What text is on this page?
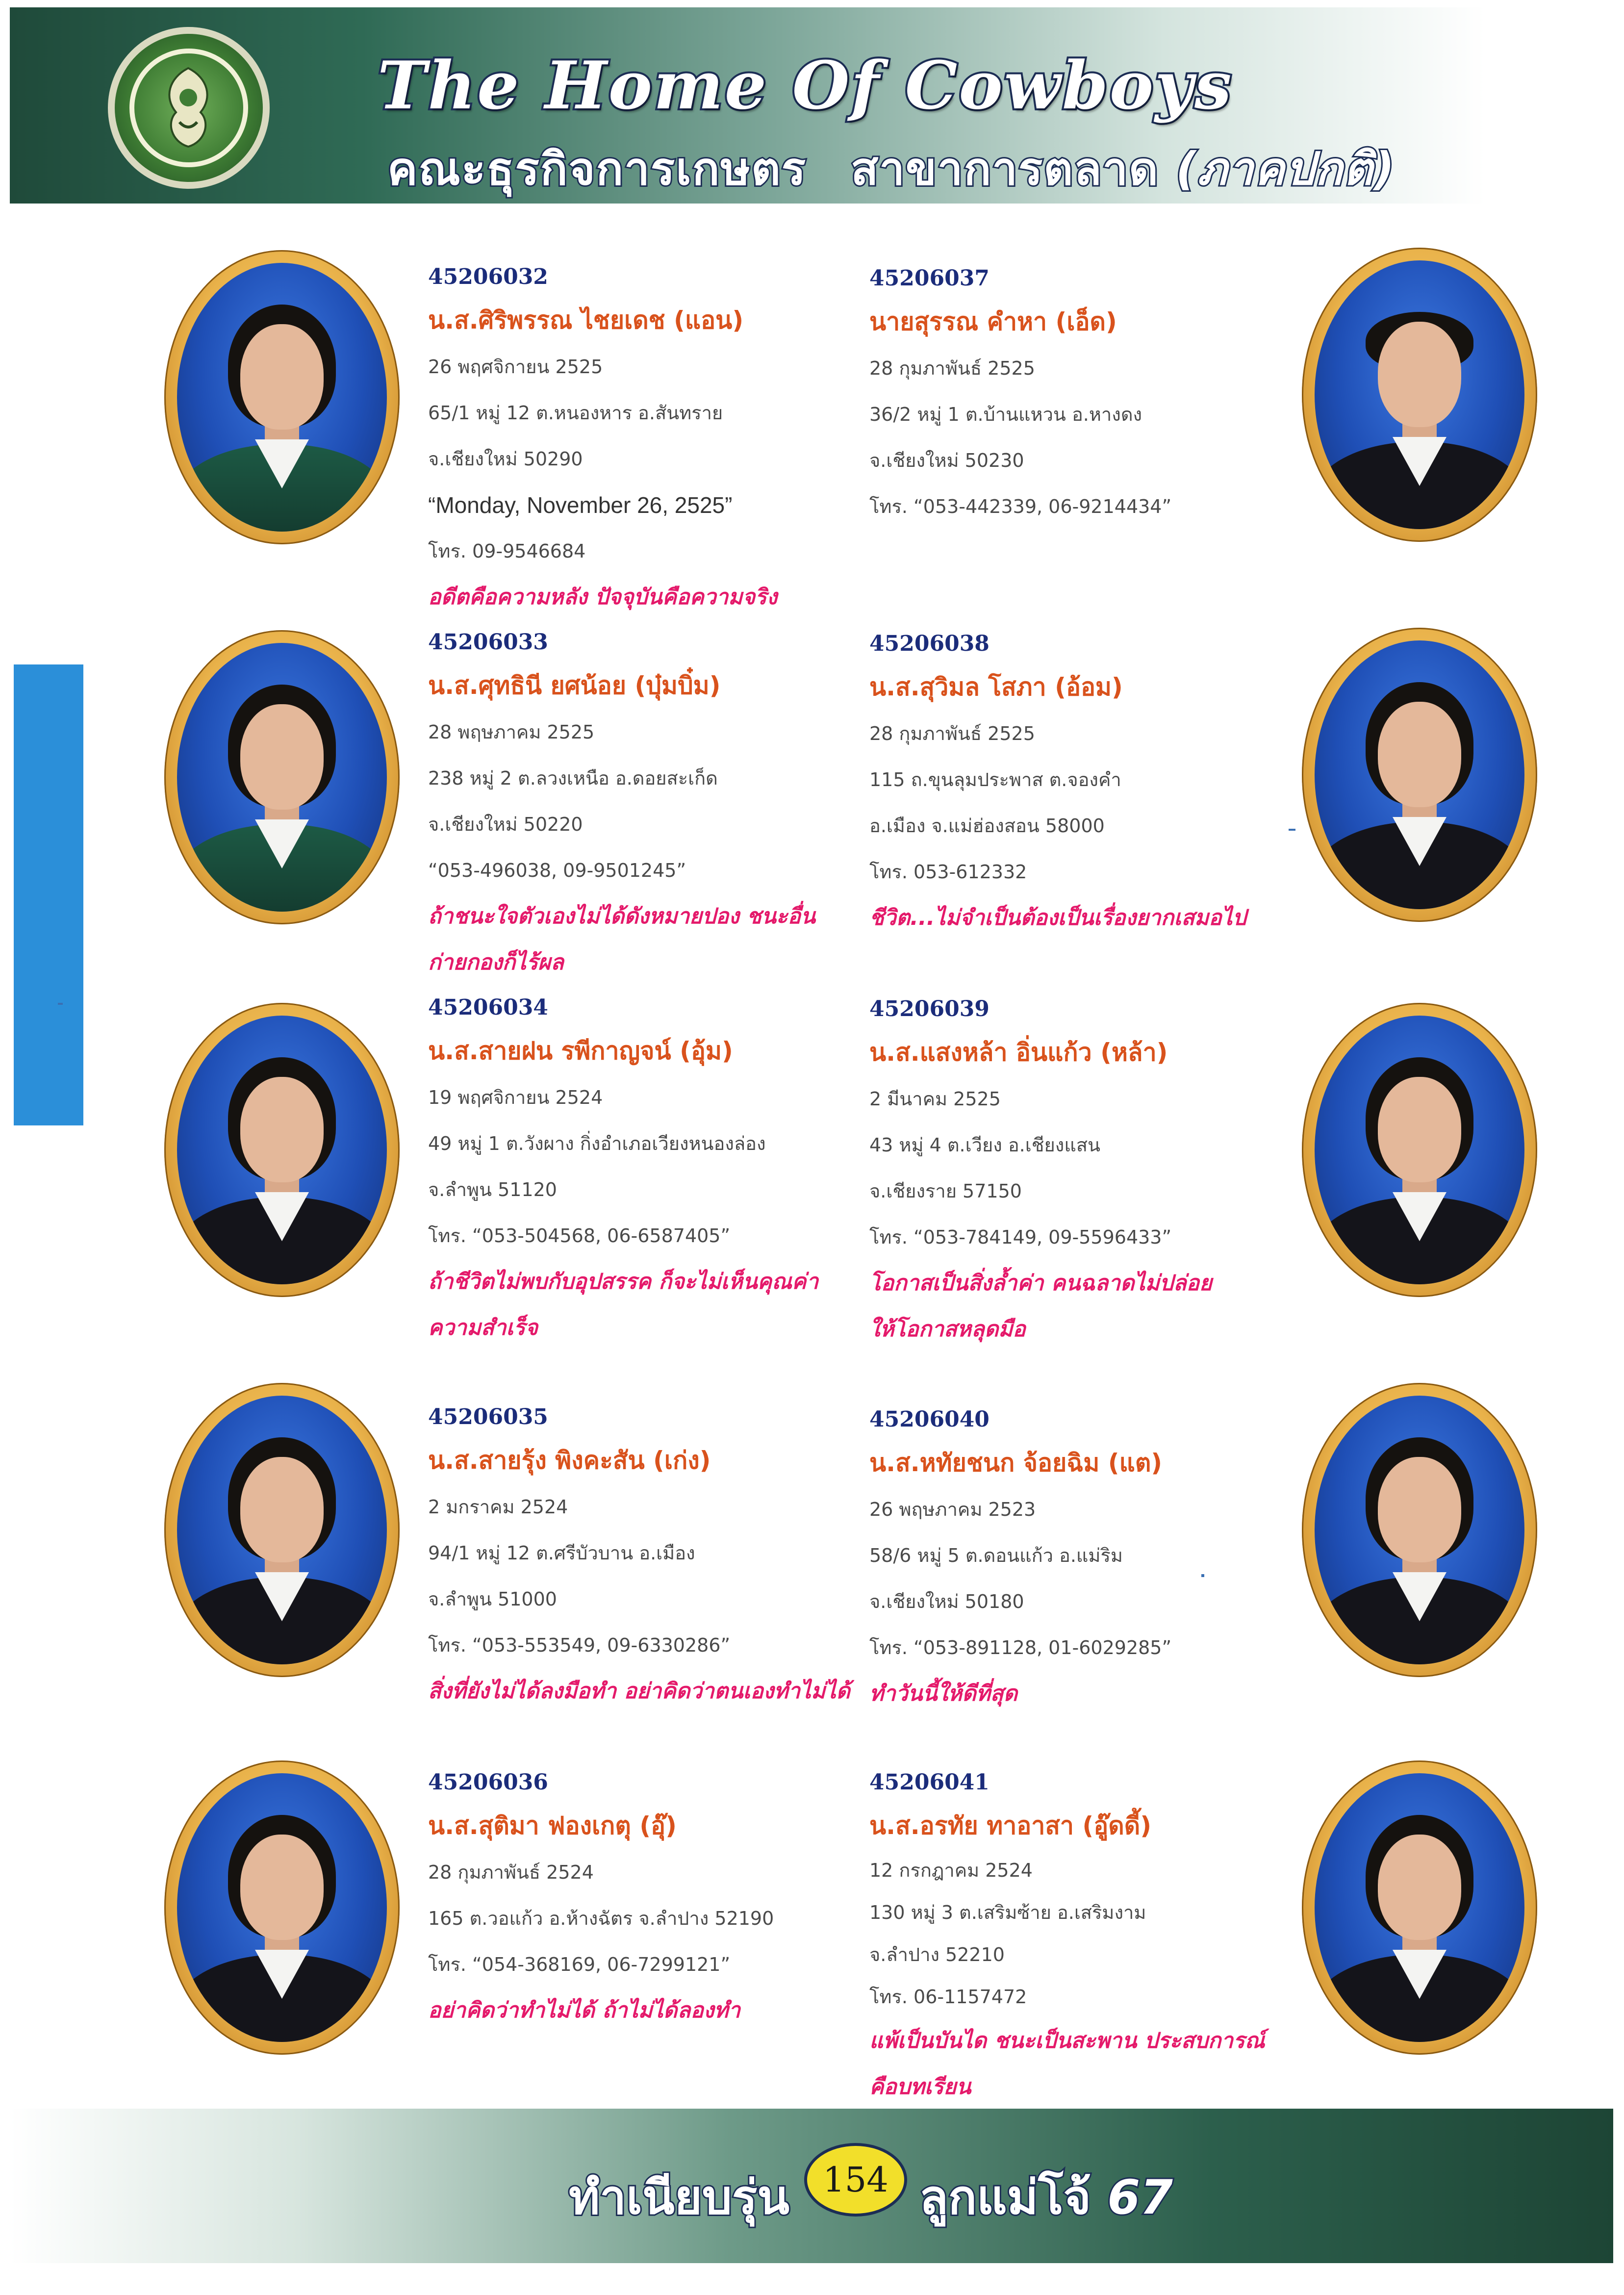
The Home Of Cowboys
คณะธุรกิจการเกษตร สาขาการตลาด (ภาคปกติ)
45206032
น.ส.ศิริพรรณ ไชยเดช (แอน)
26 พฤศจิกายน 2525
65/1 หมู่ 12 ต.หนองหาร อ.สันทราย
จ.เชียงใหม่ 50290
“Monday, November 26, 2525”
โทร. 09-9546684
อดีตคือความหลัง ปัจจุบันคือความจริง
45206037
นายสุรรณ คำหา (เอ็ด)
28 กุมภาพันธ์ 2525
36/2 หมู่ 1 ต.บ้านแหวน อ.หางดง
จ.เชียงใหม่ 50230
โทร. “053-442339, 06-9214434”
45206033
น.ส.ศุทธินี ยศน้อย (บุ๋มบิ๋ม)
28 พฤษภาคม 2525
238 หมู่ 2 ต.ลวงเหนือ อ.ดอยสะเก็ด
จ.เชียงใหม่ 50220
“053-496038, 09-9501245”
ถ้าชนะใจตัวเองไม่ได้ดังหมายปอง ชนะอื่น
ก่ายกองก็ไร้ผล
45206038
น.ส.สุวิมล โสภา (อ้อม)
28 กุมภาพันธ์ 2525
115 ถ.ขุนลุมประพาส ต.จองคำ
อ.เมือง จ.แม่ฮ่องสอน 58000
โทร. 053-612332
ชีวิต...ไม่จำเป็นต้องเป็นเรื่องยากเสมอไป
45206034
น.ส.สายฝน รพีกาญจน์ (อุ้ม)
19 พฤศจิกายน 2524
49 หมู่ 1 ต.วังผาง กิ่งอำเภอเวียงหนองล่อง
จ.ลำพูน 51120
โทร. “053-504568, 06-6587405”
ถ้าชีวิตไม่พบกับอุปสรรค ก็จะไม่เห็นคุณค่า
ความสำเร็จ
45206039
น.ส.แสงหล้า อิ่นแก้ว (หล้า)
2 มีนาคม 2525
43 หมู่ 4 ต.เวียง อ.เชียงแสน
จ.เชียงราย 57150
โทร. “053-784149, 09-5596433”
โอกาสเป็นสิ่งล้ำค่า คนฉลาดไม่ปล่อย
ให้โอกาสหลุดมือ
45206035
น.ส.สายรุ้ง พิงคะสัน (เก่ง)
2 มกราคม 2524
94/1 หมู่ 12 ต.ศรีบัวบาน อ.เมือง
จ.ลำพูน 51000
โทร. “053-553549, 09-6330286”
สิ่งที่ยังไม่ได้ลงมือทำ อย่าคิดว่าตนเองทำไม่ได้
45206040
น.ส.หทัยชนก จ้อยฉิม (แต)
26 พฤษภาคม 2523
58/6 หมู่ 5 ต.ดอนแก้ว อ.แม่ริม
จ.เชียงใหม่ 50180
โทร. “053-891128, 01-6029285”
ทำวันนี้ให้ดีที่สุด
45206036
น.ส.สุติมา ฟองเกตุ (อุ๊)
28 กุมภาพันธ์ 2524
165 ต.วอแก้ว อ.ห้างฉัตร จ.ลำปาง 52190
โทร. “054-368169, 06-7299121”
อย่าคิดว่าทำไม่ได้ ถ้าไม่ได้ลองทำ
45206041
น.ส.อรทัย ทาอาสา (อู๊ดดี้)
12 กรกฎาคม 2524
130 หมู่ 3 ต.เสริมซ้าย อ.เสริมงาม
จ.ลำปาง 52210
โทร. 06-1157472
แพ้เป็นบันได ชนะเป็นสะพาน ประสบการณ์
คือบทเรียน
ทำเนียบรุ่น 154 ลูกแม่โจ้ 67
